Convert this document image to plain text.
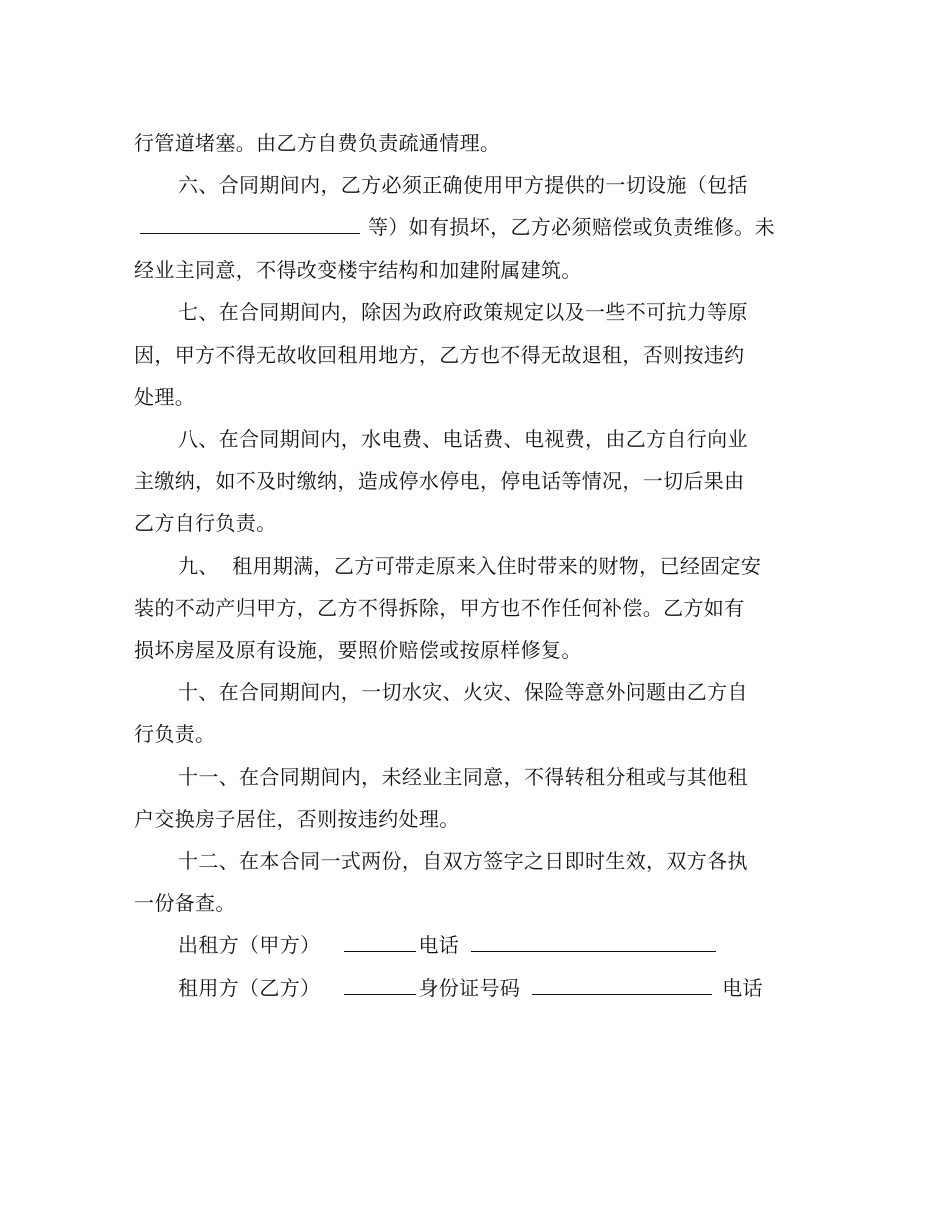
行管道堵塞。由乙方自费负责疏通情理。
六、合同期间内，乙方必须正确使用甲方提供的一切设施（包括
等）如有损坏，乙方必须赔偿或负责维修。未
经业主同意，不得改变楼宇结构和加建附属建筑。
七、在合同期间内，除因为政府政策规定以及一些不可抗力等原
因，甲方不得无故收回租用地方，乙方也不得无故退租，否则按违约
处理。
八、在合同期间内，水电费、电话费、电视费，由乙方自行向业
主缴纳，如不及时缴纳，造成停水停电，停电话等情况，一切后果由
乙方自行负责。
九、  租用期满，乙方可带走原来入住时带来的财物，已经固定安
装的不动产归甲方，乙方不得拆除，甲方也不作任何补偿。乙方如有
损坏房屋及原有设施，要照价赔偿或按原样修复。
十、在合同期间内，一切水灾、火灾、保险等意外问题由乙方自
行负责。
十一、在合同期间内，未经业主同意，不得转租分租或与其他租
户交换房子居住，否则按违约处理。
十二、在本合同一式两份，自双方签字之日即时生效，双方各执
一份备查。
出租方（甲方）	电话
租用方（乙方）	身份证号码	电话
